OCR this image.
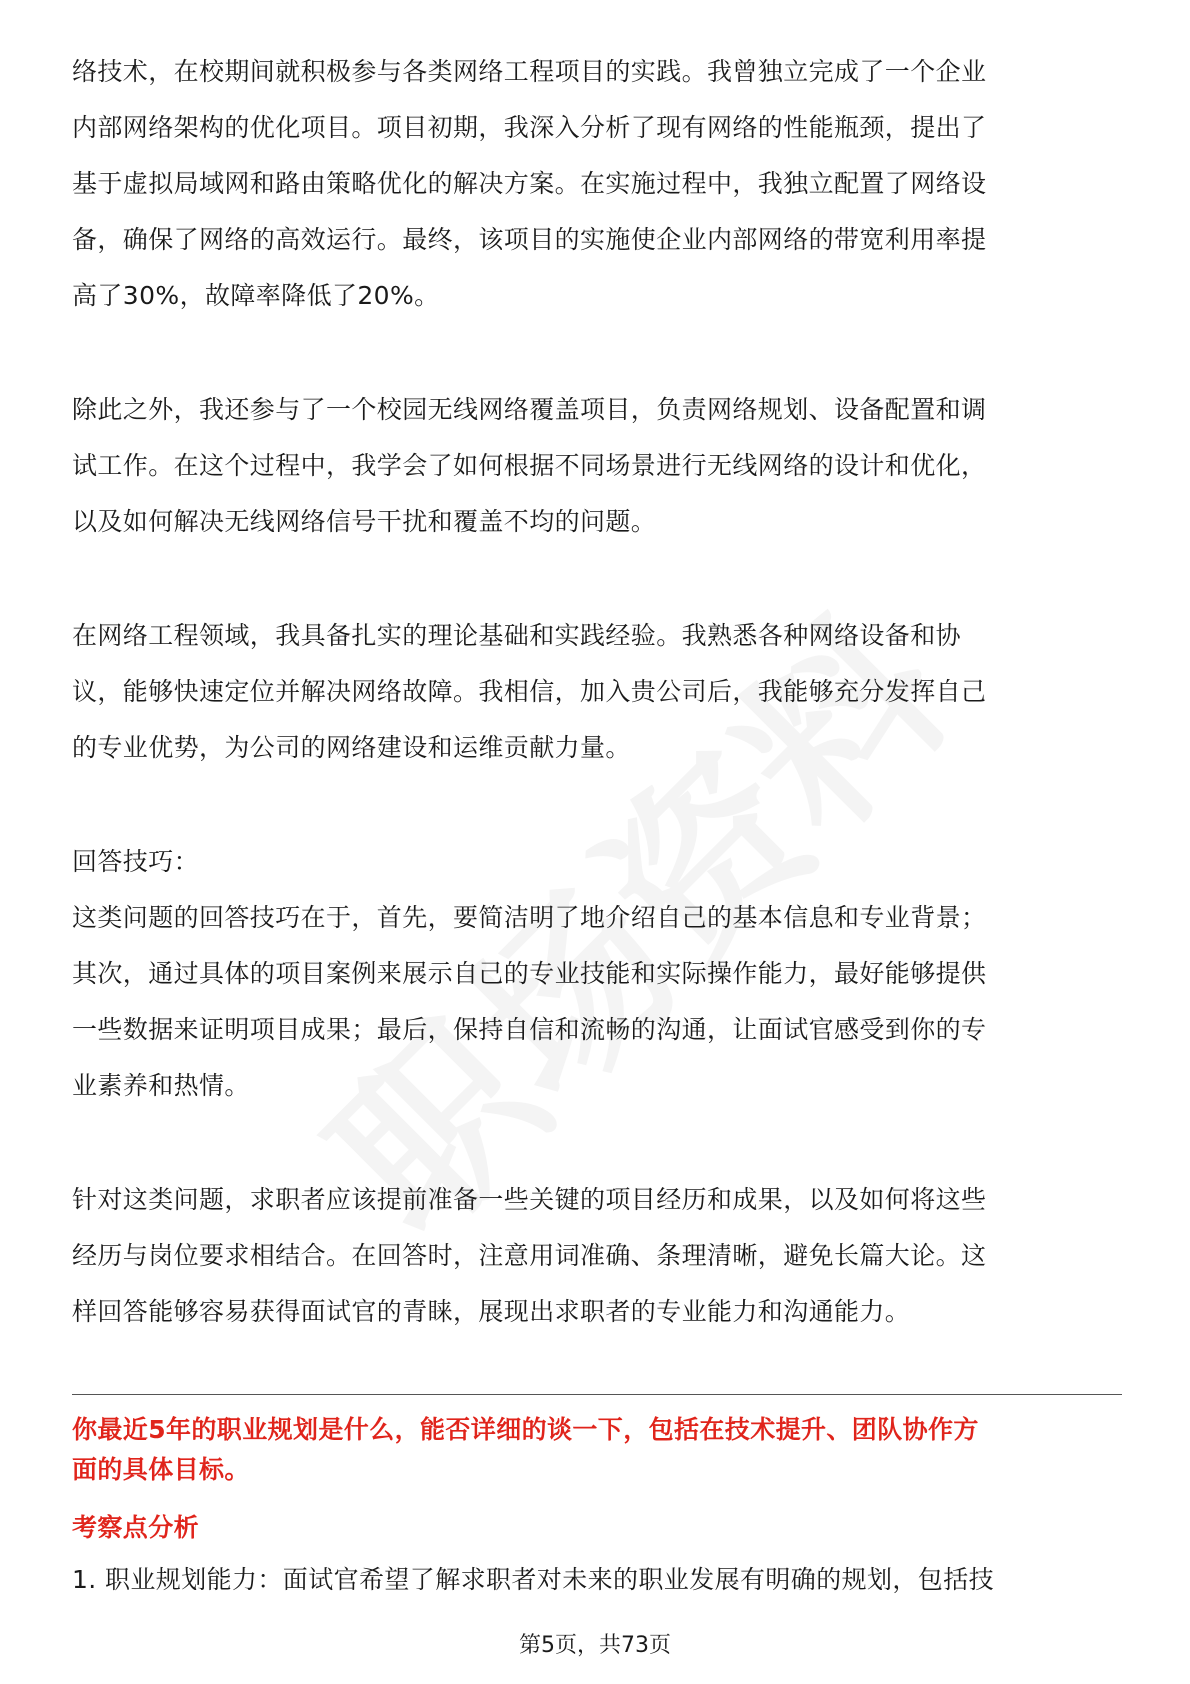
络技术，在校期间就积极参与各类网络工程项目的实践。我曾独立完成了一个企业
内部网络架构的优化项目。项目初期，我深入分析了现有网络的性能瓶颈，提出了
基于虚拟局域网和路由策略优化的解决方案。在实施过程中，我独立配置了网络设
备，确保了网络的高效运行。最终，该项目的实施使企业内部网络的带宽利用率提
高了30%，故障率降低了20%。

除此之外，我还参与了一个校园无线网络覆盖项目，负责网络规划、设备配置和调
试工作。在这个过程中，我学会了如何根据不同场景进行无线网络的设计和优化，
以及如何解决无线网络信号干扰和覆盖不均的问题。

在网络工程领域，我具备扎实的理论基础和实践经验。我熟悉各种网络设备和协
议，能够快速定位并解决网络故障。我相信，加入贵公司后，我能够充分发挥自己
的专业优势，为公司的网络建设和运维贡献力量。

回答技巧：

这类问题的回答技巧在于，首先，要简洁明了地介绍自己的基本信息和专业背景；
其次，通过具体的项目案例来展示自己的专业技能和实际操作能力，最好能够提供
一些数据来证明项目成果；最后，保持自信和流畅的沟通，让面试官感受到你的专
业素养和热情。

针对这类问题，求职者应该提前准备一些关键的项目经历和成果，以及如何将这些
经历与岗位要求相结合。在回答时，注意用词准确、条理清晰，避免长篇大论。这
样回答能够容易获得面试官的青睐，展现出求职者的专业能力和沟通能力。

你最近5年的职业规划是什么，能否详细的谈一下，包括在技术提升、团队协作方
面的具体目标。

考察点分析

1. 职业规划能力：面试官希望了解求职者对未来的职业发展有明确的规划，包括技

第5页，共73页
